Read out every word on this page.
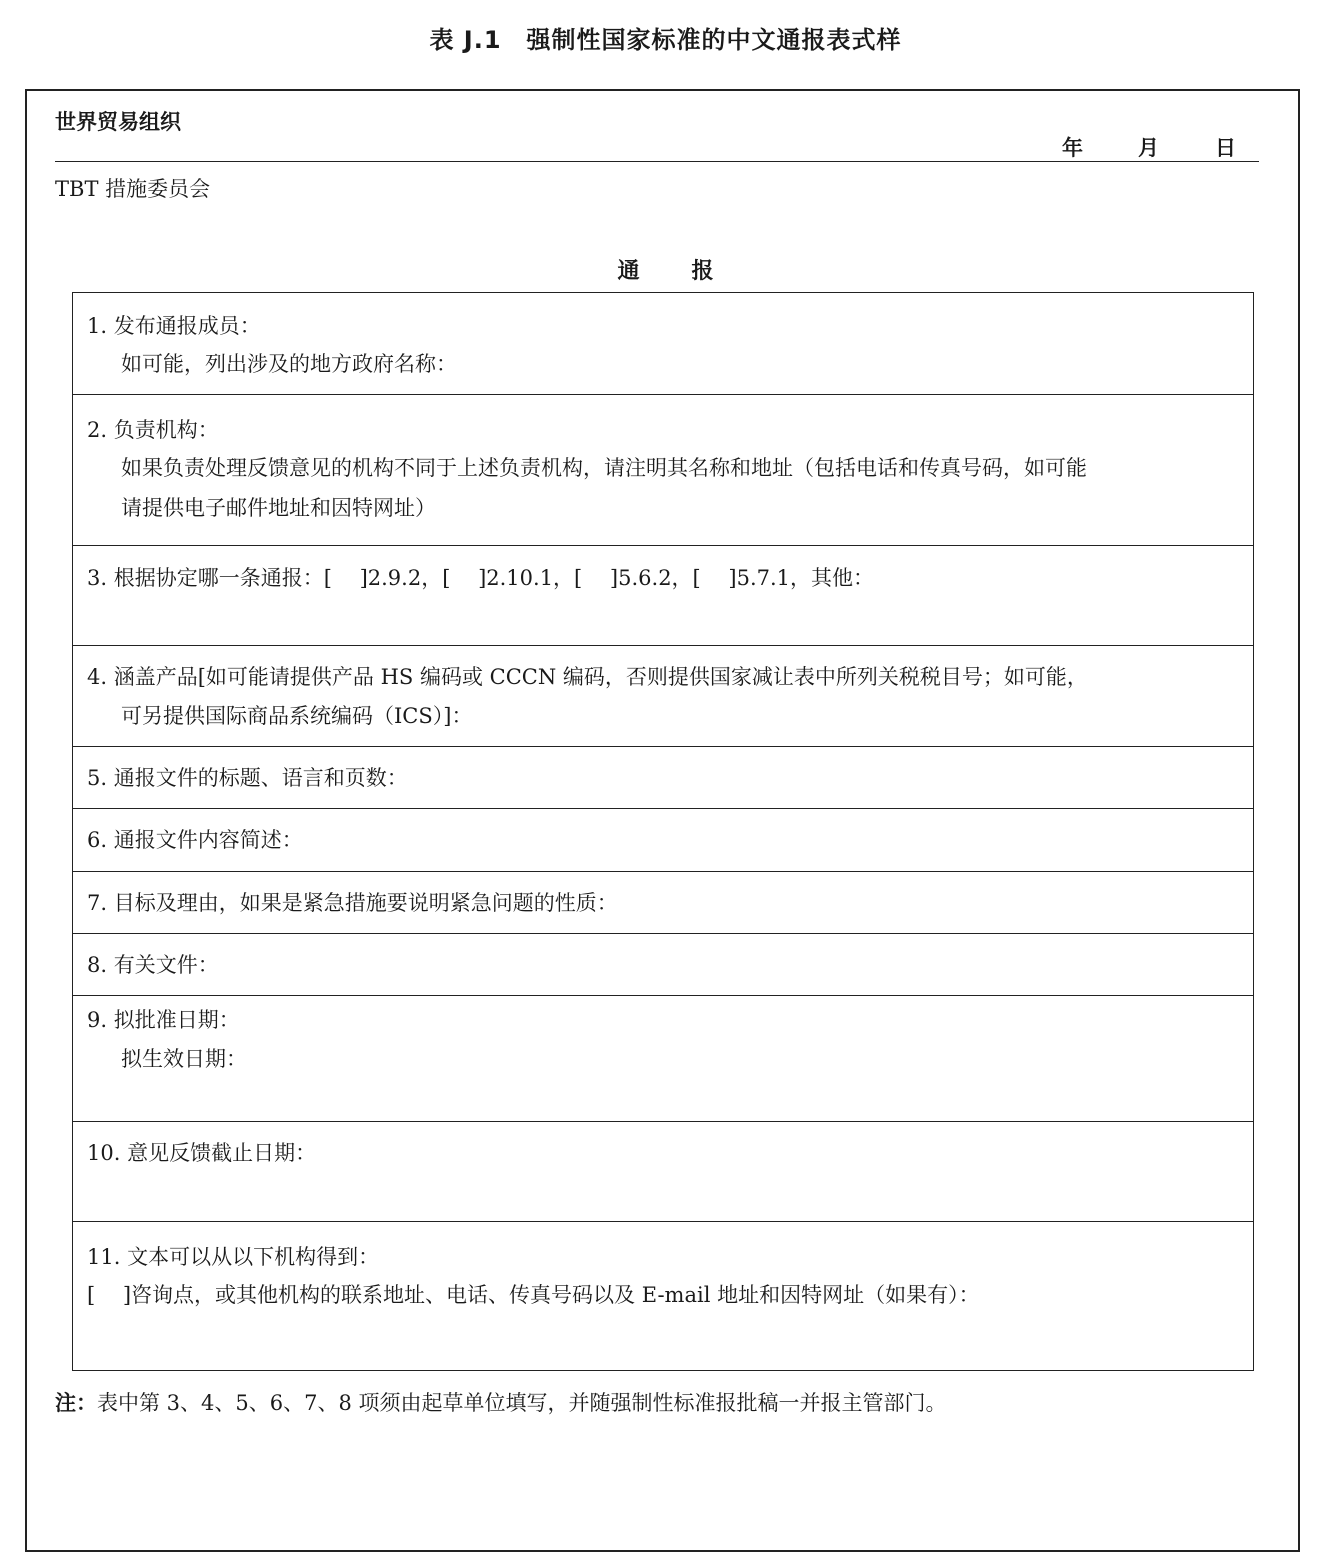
表 J.1　强制性国家标准的中文通报表式样
世界贸易组织
年	月	日
TBT 措施委员会
通 报
1. 发布通报成员：
如可能，列出涉及的地方政府名称：
2. 负责机构：
如果负责处理反馈意见的机构不同于上述负责机构，请注明其名称和地址（包括电话和传真号码，如可能
请提供电子邮件地址和因特网址）
3. 根据协定哪一条通报：[　 ]2.9.2，[　 ]2.10.1，[　 ]5.6.2，[　 ]5.7.1，其他：
4. 涵盖产品[如可能请提供产品 HS 编码或 CCCN 编码，否则提供国家减让表中所列关税税目号；如可能，
可另提供国际商品系统编码（ICS）]：
5. 通报文件的标题、语言和页数：
6. 通报文件内容简述：
7. 目标及理由，如果是紧急措施要说明紧急问题的性质：
8. 有关文件：
9. 拟批准日期：
拟生效日期：
10. 意见反馈截止日期：
11. 文本可以从以下机构得到：
[　 ]咨询点，或其他机构的联系地址、电话、传真号码以及 E-mail 地址和因特网址（如果有）：
注：表中第 3、4、5、6、7、8 项须由起草单位填写，并随强制性标准报批稿一并报主管部门。
